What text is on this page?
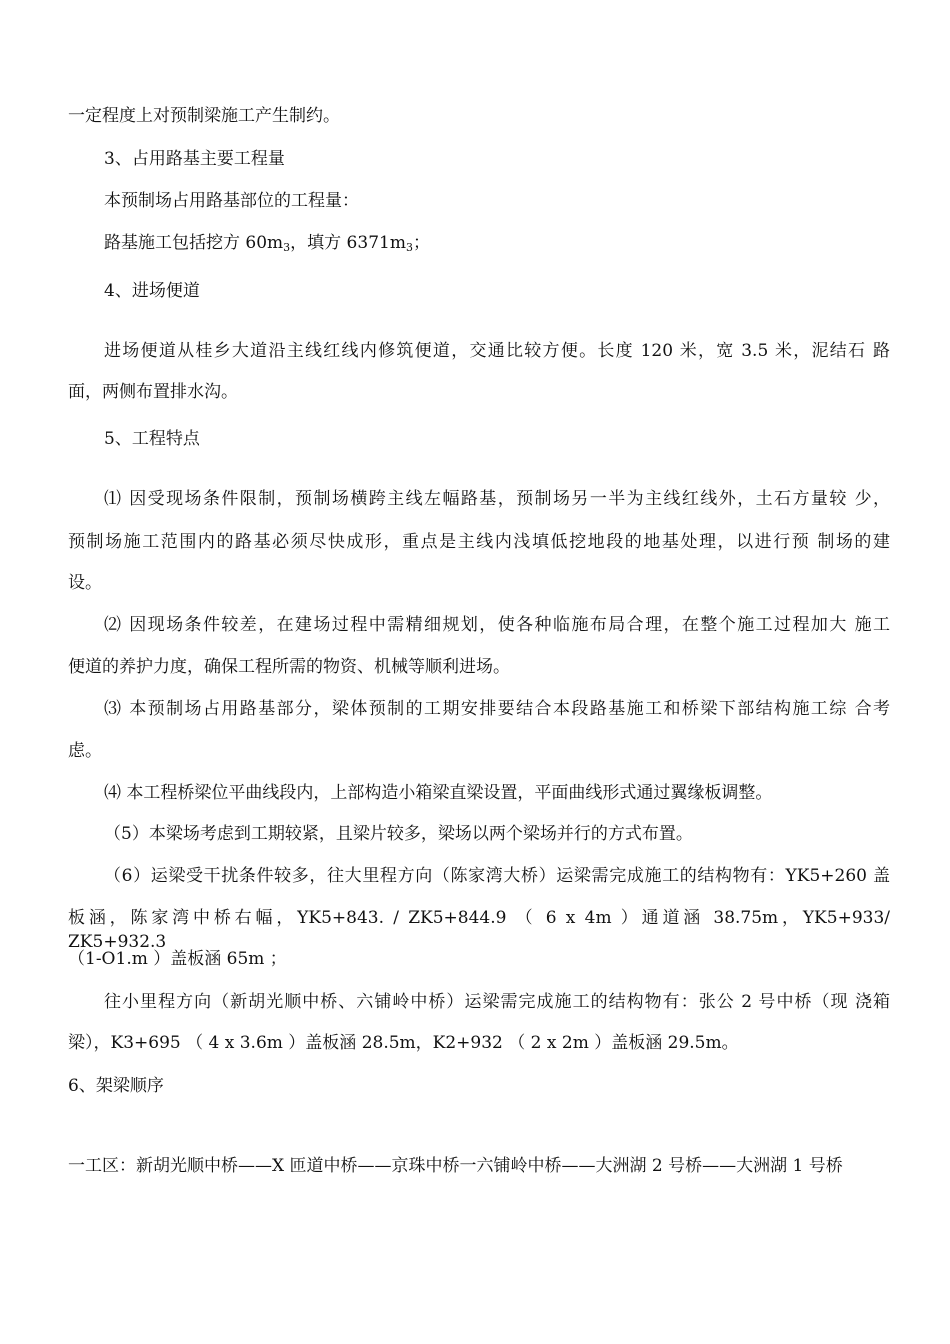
一定程度上对预制梁施工产生制约。
3、占用路基主要工程量
本预制场占用路基部位的工程量：
路基施工包括挖方 $60m_3$，填方 $6371m_3$；
4、进场便道
进场便道从桂乡大道沿主线红线内修筑便道，交通比较方便。长度 120 米，宽 3.5 米，泥结石 路
面，两侧布置排水沟。
5、工程特点
⑴ 因受现场条件限制，预制场横跨主线左幅路基，预制场另一半为主线红线外，土石方量较 少，
预制场施工范围内的路基必须尽快成形，重点是主线内浅填低挖地段的地基处理，以进行预 制场的建
设。
⑵ 因现场条件较差，在建场过程中需精细规划，使各种临施布局合理，在整个施工过程加大 施工
便道的养护力度，确保工程所需的物资、机械等顺利进场。
⑶ 本预制场占用路基部分，梁体预制的工期安排要结合本段路基施工和桥梁下部结构施工综 合考
虑。
⑷ 本工程桥梁位平曲线段内，上部构造小箱梁直梁设置，平面曲线形式通过翼缘板调整。
（5）本梁场考虑到工期较紧，且梁片较多，梁场以两个梁场并行的方式布置。
（6）运梁受干扰条件较多，往大里程方向（陈家湾大桥）运梁需完成施工的结构物有：YK5+260 盖
板涵，陈家湾中桥右幅，YK5+843. / ZK5+844.9 （ 6 x 4m ）通道涵 38.75m，YK5+933/ ZK5+932.3
（1-O1.m ）盖板涵 65m ；
往小里程方向（新胡光顺中桥、六铺岭中桥）运梁需完成施工的结构物有：张公 2 号中桥（现 浇箱
梁），K3+695 （ 4 x 3.6m ）盖板涵 28.5m，K2+932 （ 2 x 2m ）盖板涵 29.5m。
6、架梁顺序
一工区：新胡光顺中桥——X 匝道中桥——京珠中桥一六铺岭中桥——大洲湖 2 号桥——大洲湖 1 号桥
